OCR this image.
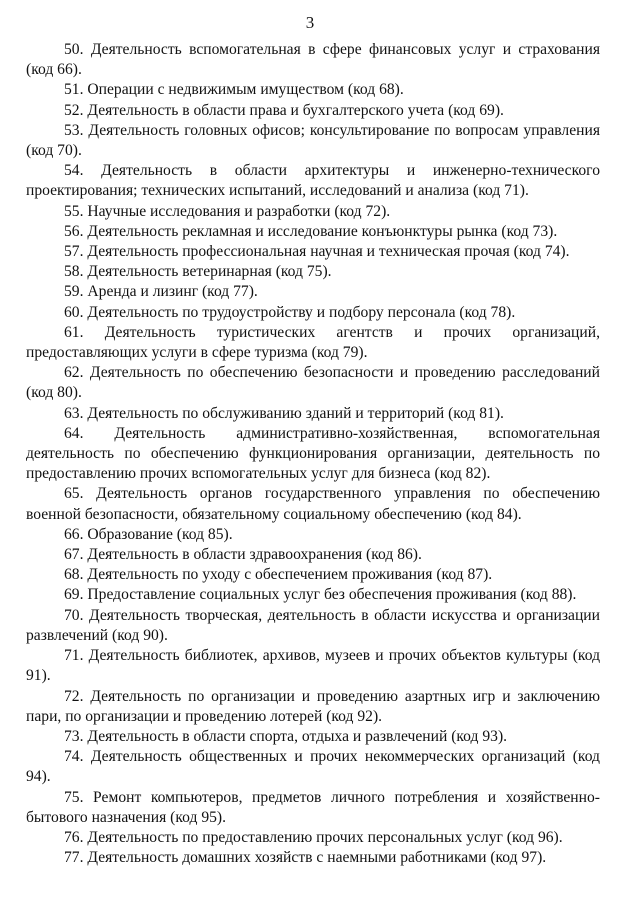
3

50. Деятельность вспомогательная в сфере финансовых услуг и страхования (код 66).

51. Операции с недвижимым имуществом (код 68).

52. Деятельность в области права и бухгалтерского учета (код 69).

53. Деятельность головных офисов; консультирование по вопросам управления (код 70).

54. Деятельность в области архитектуры и инженерно-технического проектирования; технических испытаний, исследований и анализа (код 71).

55. Научные исследования и разработки (код 72).

56. Деятельность рекламная и исследование конъюнктуры рынка (код 73).

57. Деятельность профессиональная научная и техническая прочая (код 74).

58. Деятельность ветеринарная (код 75).

59. Аренда и лизинг (код 77).

60. Деятельность по трудоустройству и подбору персонала (код 78).

61. Деятельность туристических агентств и прочих организаций, предоставляющих услуги в сфере туризма (код 79).

62. Деятельность по обеспечению безопасности и проведению расследований (код 80).

63. Деятельность по обслуживанию зданий и территорий (код 81).

64. Деятельность административно-хозяйственная, вспомогательная деятельность по обеспечению функционирования организации, деятельность по предоставлению прочих вспомогательных услуг для бизнеса (код 82).

65. Деятельность органов государственного управления по обеспечению военной безопасности, обязательному социальному обеспечению (код 84).

66. Образование (код 85).

67. Деятельность в области здравоохранения (код 86).

68. Деятельность по уходу с обеспечением проживания (код 87).

69. Предоставление социальных услуг без обеспечения проживания (код 88).

70. Деятельность творческая, деятельность в области искусства и организации развлечений (код 90).

71. Деятельность библиотек, архивов, музеев и прочих объектов культуры (код 91).

72. Деятельность по организации и проведению азартных игр и заключению пари, по организации и проведению лотерей (код 92).

73. Деятельность в области спорта, отдыха и развлечений (код 93).

74. Деятельность общественных и прочих некоммерческих организаций (код 94).

75. Ремонт компьютеров, предметов личного потребления и хозяйственно-бытового назначения (код 95).

76. Деятельность по предоставлению прочих персональных услуг (код 96).

77. Деятельность домашних хозяйств с наемными работниками (код 97).
